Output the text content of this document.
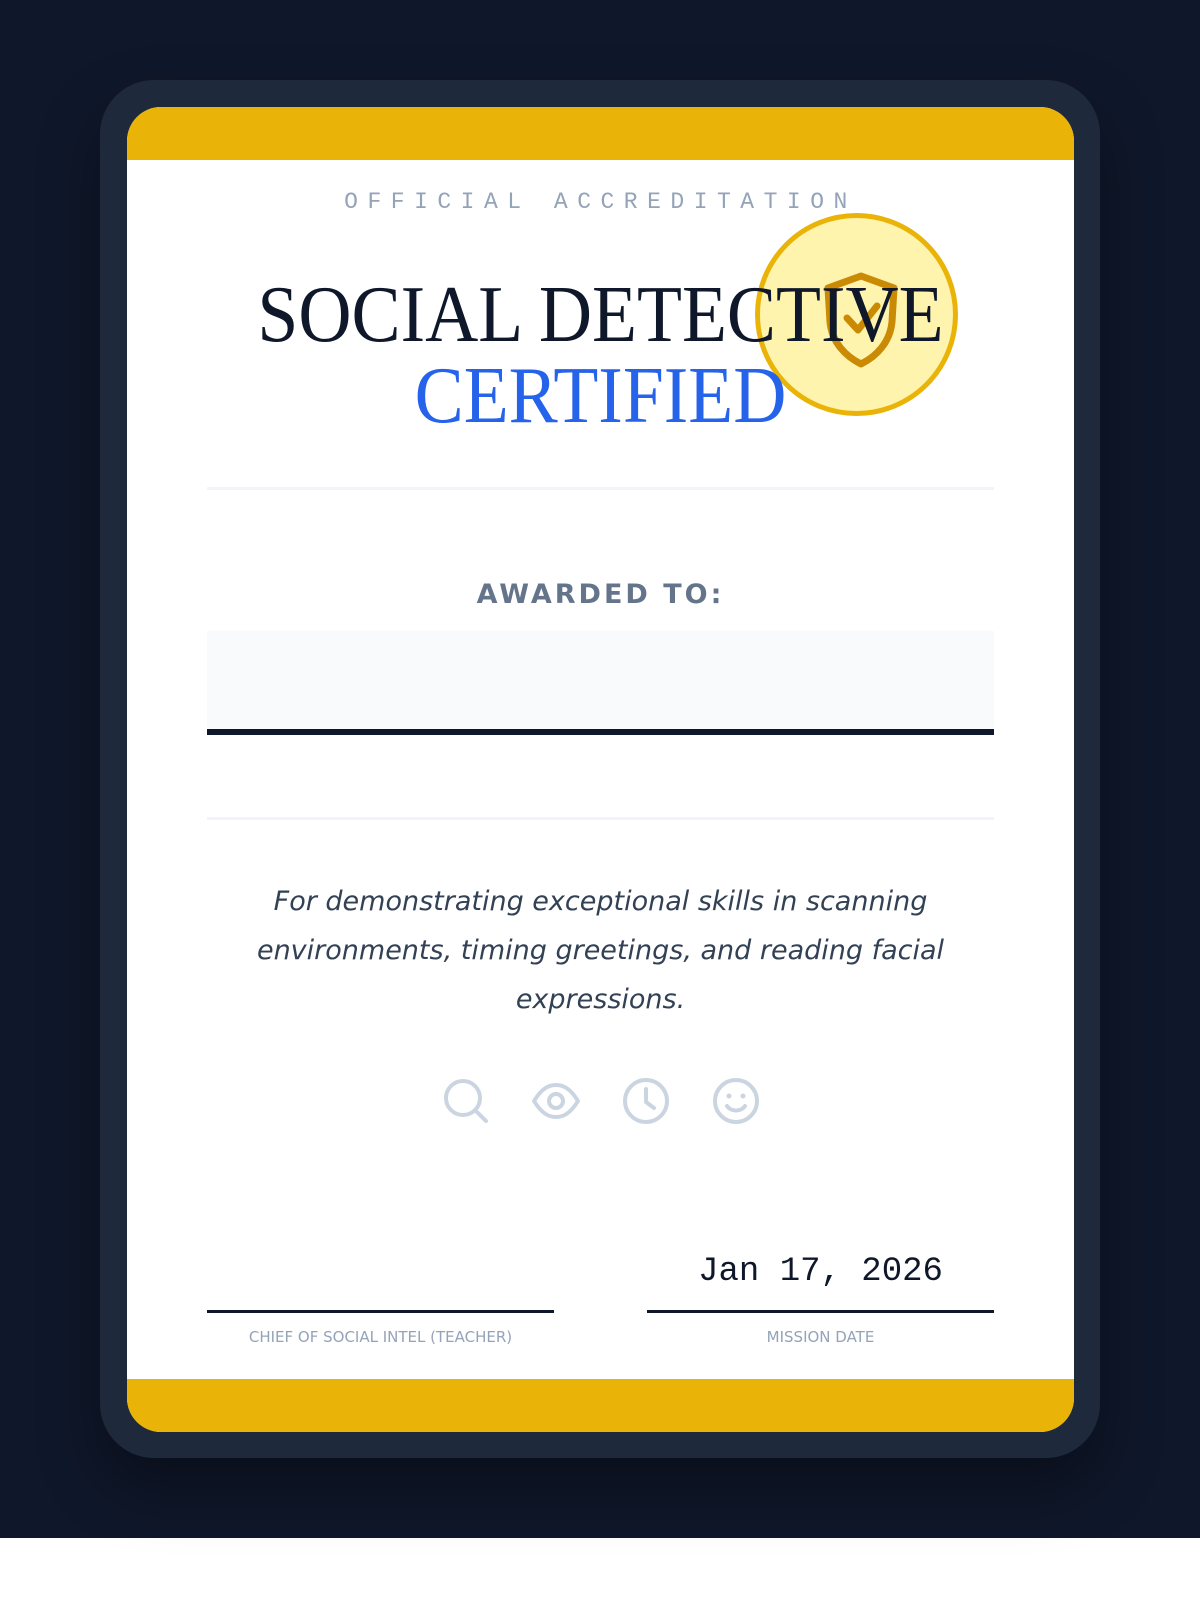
OFFICIAL ACCREDITATION
SOCIAL DETECTIVE
CERTIFIED
AWARDED TO:
For demonstrating exceptional skills in scanning environments, timing greetings, and reading facial expressions.

CHIEF OF SOCIAL INTEL (TEACHER)
Jan 17, 2026
MISSION DATE
